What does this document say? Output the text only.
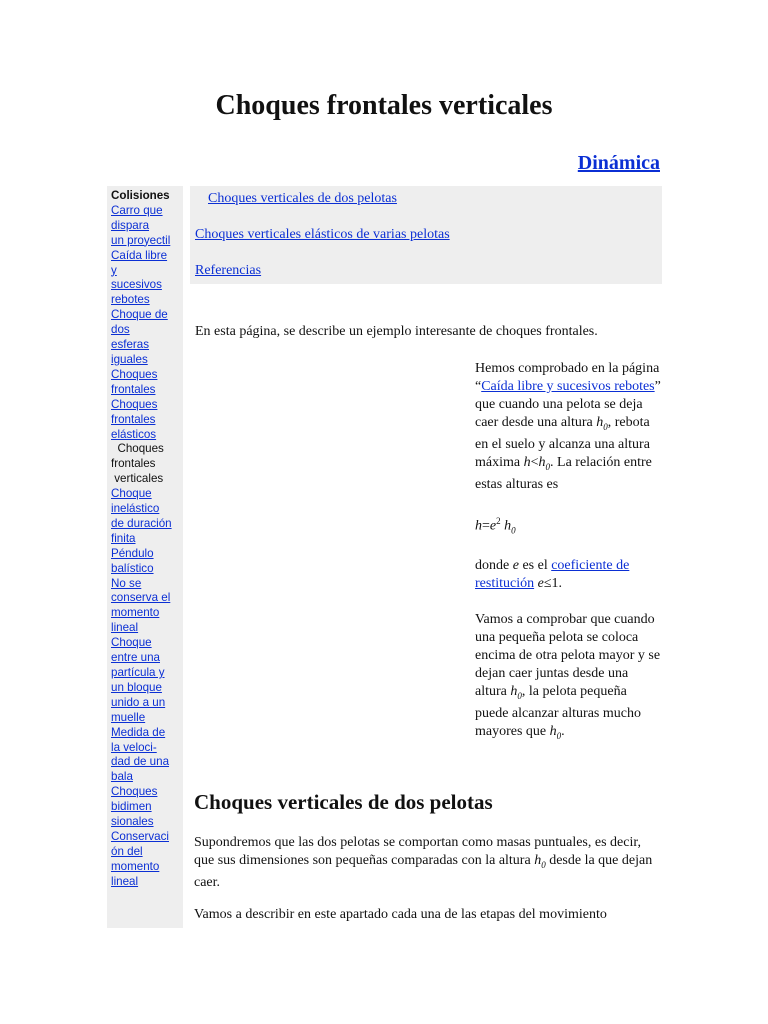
Choques frontales verticales
Dinámica
Colisiones
Carro que
dispara
un proyectil
Caída libre
y
sucesivos
rebotes
Choque de
dos
esferas
iguales
Choques
frontales
Choques
frontales
elásticos
Choques
frontales
verticales
Choque
inelástico
de duración
finita
Péndulo
balístico
No se
conserva el
momento
lineal
Choque
entre una
partícula y
un bloque
unido a un
muelle
Medida de
la veloci-
dad de una
bala
Choques
bidimen
sionales
Conservaci
ón del
momento
lineal
Choques verticales de dos pelotas
Choques verticales elásticos de varias pelotas
Referencias

En esta página, se describe un ejemplo interesante de choques frontales.

Hemos comprobado en la página “Caída libre y sucesivos rebotes” que cuando una pelota se deja caer desde una altura $h_0$, rebota en el suelo y alcanza una altura máxima $h<h_0$. La relación entre estas alturas es

$h=e^2$ $h_0$

donde e es el coeficiente de restitución e≤1.

Vamos a comprobar que cuando una pequeña pelota se coloca encima de otra pelota mayor y se dejan caer juntas desde una altura $h_0$, la pelota pequeña puede alcanzar alturas mucho mayores que $h_0$.

Choques verticales de dos pelotas

Supondremos que las dos pelotas se comportan como masas puntuales, es decir, que sus dimensiones son pequeñas comparadas con la altura $h_0$ desde la que dejan caer.

Vamos a describir en este apartado cada una de las etapas del movimiento
